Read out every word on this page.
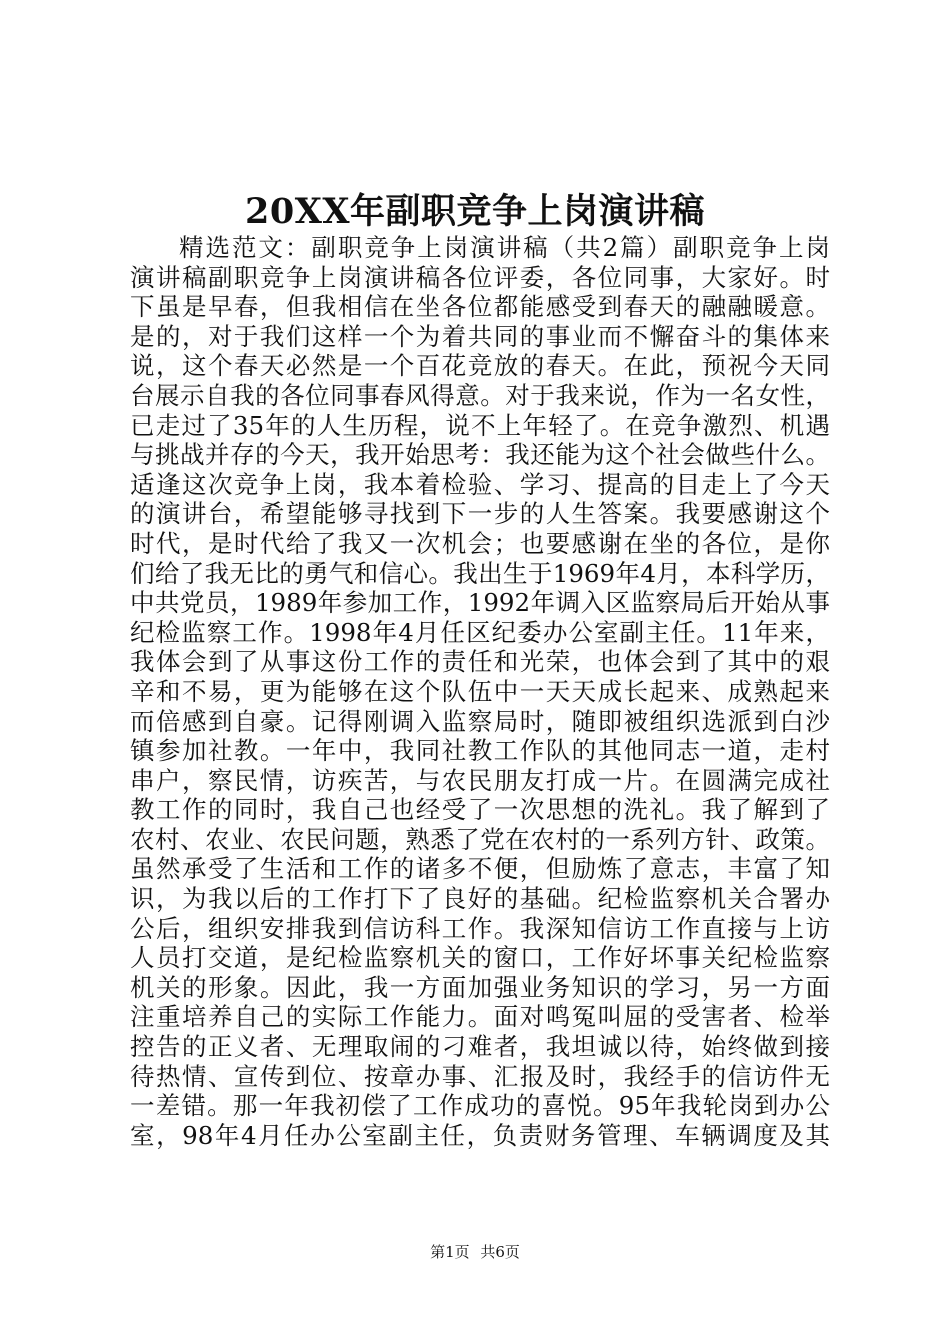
20XX年副职竞争上岗演讲稿
精选范文：副职竞争上岗演讲稿（共2篇）副职竞争上岗
演讲稿副职竞争上岗演讲稿各位评委，各位同事，大家好。时
下虽是早春，但我相信在坐各位都能感受到春天的融融暖意。
是的，对于我们这样一个为着共同的事业而不懈奋斗的集体来
说，这个春天必然是一个百花竞放的春天。在此，预祝今天同
台展示自我的各位同事春风得意。对于我来说，作为一名女性，
已走过了35年的人生历程，说不上年轻了。在竞争激烈、机遇
与挑战并存的今天，我开始思考：我还能为这个社会做些什么。
适逢这次竞争上岗，我本着检验、学习、提高的目走上了今天
的演讲台，希望能够寻找到下一步的人生答案。我要感谢这个
时代，是时代给了我又一次机会；也要感谢在坐的各位，是你
们给了我无比的勇气和信心。我出生于1969年4月，本科学历，
中共党员，1989年参加工作，1992年调入区监察局后开始从事
纪检监察工作。1998年4月任区纪委办公室副主任。11年来，
我体会到了从事这份工作的责任和光荣，也体会到了其中的艰
辛和不易，更为能够在这个队伍中一天天成长起来、成熟起来
而倍感到自豪。记得刚调入监察局时，随即被组织选派到白沙
镇参加社教。一年中，我同社教工作队的其他同志一道，走村
串户，察民情，访疾苦，与农民朋友打成一片。在圆满完成社
教工作的同时，我自己也经受了一次思想的洗礼。我了解到了
农村、农业、农民问题，熟悉了党在农村的一系列方针、政策。
虽然承受了生活和工作的诸多不便，但励炼了意志，丰富了知
识，为我以后的工作打下了良好的基础。纪检监察机关合署办
公后，组织安排我到信访科工作。我深知信访工作直接与上访
人员打交道，是纪检监察机关的窗口，工作好坏事关纪检监察
机关的形象。因此，我一方面加强业务知识的学习，另一方面
注重培养自己的实际工作能力。面对鸣冤叫屈的受害者、检举
控告的正义者、无理取闹的刁难者，我坦诚以待，始终做到接
待热情、宣传到位、按章办事、汇报及时，我经手的信访件无
一差错。那一年我初偿了工作成功的喜悦。95年我轮岗到办公
室，98年4月任办公室副主任，负责财务管理、车辆调度及其
第1页 共6页
